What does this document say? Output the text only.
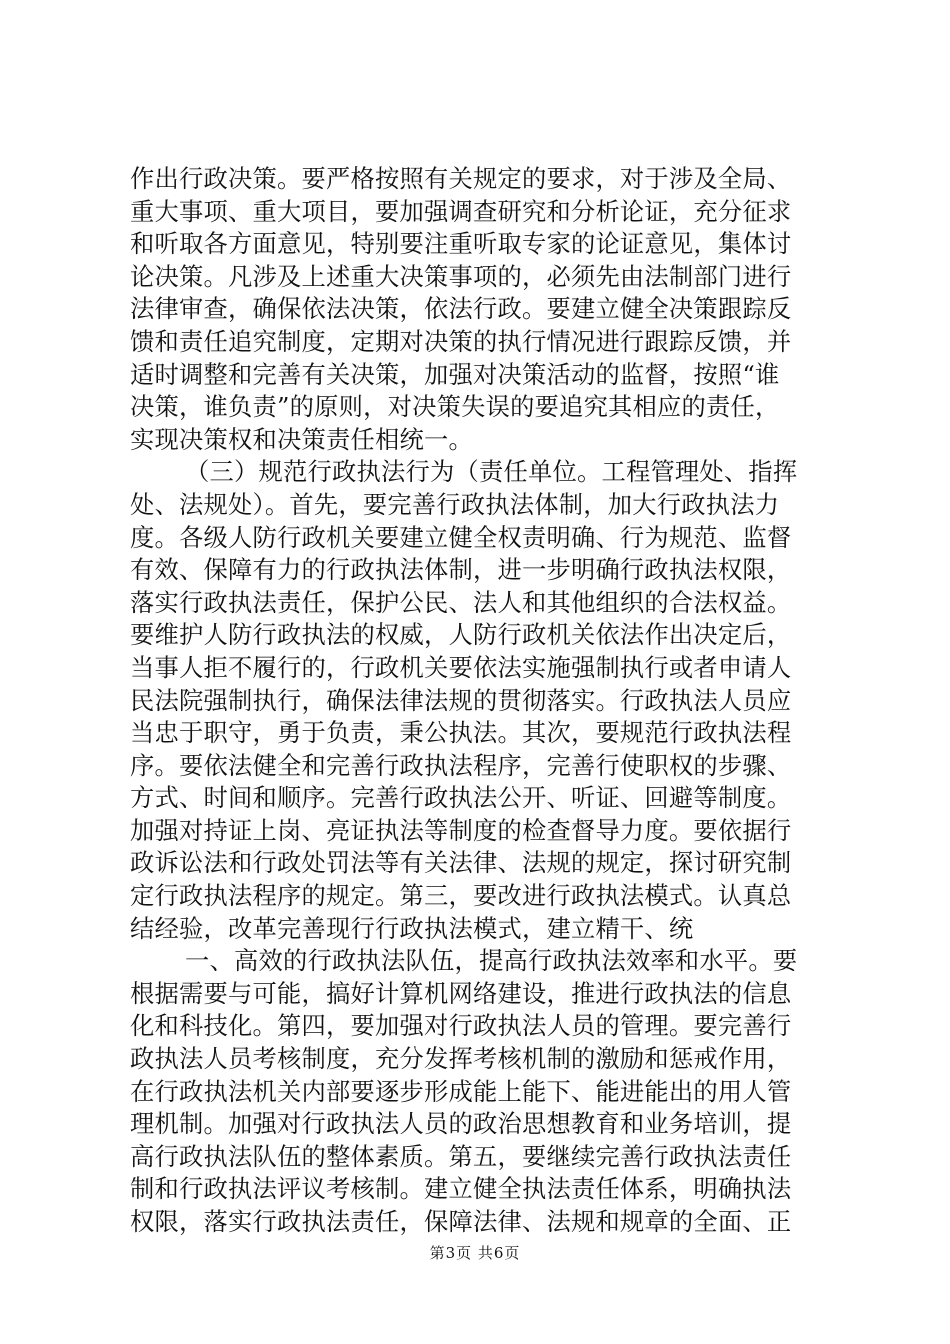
作出行政决策。要严格按照有关规定的要求，对于涉及全局、
重大事项、重大项目，要加强调查研究和分析论证，充分征求
和听取各方面意见，特别要注重听取专家的论证意见，集体讨
论决策。凡涉及上述重大决策事项的，必须先由法制部门进行
法律审查，确保依法决策，依法行政。要建立健全决策跟踪反
馈和责任追究制度，定期对决策的执行情况进行跟踪反馈，并
适时调整和完善有关决策，加强对决策活动的监督，按照“谁
决策，谁负责”的原则，对决策失误的要追究其相应的责任，
实现决策权和决策责任相统一。
（三）规范行政执法行为（责任单位。工程管理处、指挥
处、法规处）。首先，要完善行政执法体制，加大行政执法力
度。各级人防行政机关要建立健全权责明确、行为规范、监督
有效、保障有力的行政执法体制，进一步明确行政执法权限，
落实行政执法责任，保护公民、法人和其他组织的合法权益。
要维护人防行政执法的权威，人防行政机关依法作出决定后，
当事人拒不履行的，行政机关要依法实施强制执行或者申请人
民法院强制执行，确保法律法规的贯彻落实。行政执法人员应
当忠于职守，勇于负责，秉公执法。其次，要规范行政执法程
序。要依法健全和完善行政执法程序，完善行使职权的步骤、
方式、时间和顺序。完善行政执法公开、听证、回避等制度。
加强对持证上岗、亮证执法等制度的检查督导力度。要依据行
政诉讼法和行政处罚法等有关法律、法规的规定，探讨研究制
定行政执法程序的规定。第三，要改进行政执法模式。认真总
结经验，改革完善现行行政执法模式，建立精干、统
一、高效的行政执法队伍，提高行政执法效率和水平。要
根据需要与可能，搞好计算机网络建设，推进行政执法的信息
化和科技化。第四，要加强对行政执法人员的管理。要完善行
政执法人员考核制度，充分发挥考核机制的激励和惩戒作用，
在行政执法机关内部要逐步形成能上能下、能进能出的用人管
理机制。加强对行政执法人员的政治思想教育和业务培训，提
高行政执法队伍的整体素质。第五，要继续完善行政执法责任
制和行政执法评议考核制。建立健全执法责任体系，明确执法
权限，落实行政执法责任，保障法律、法规和规章的全面、正
第3页 共6页
